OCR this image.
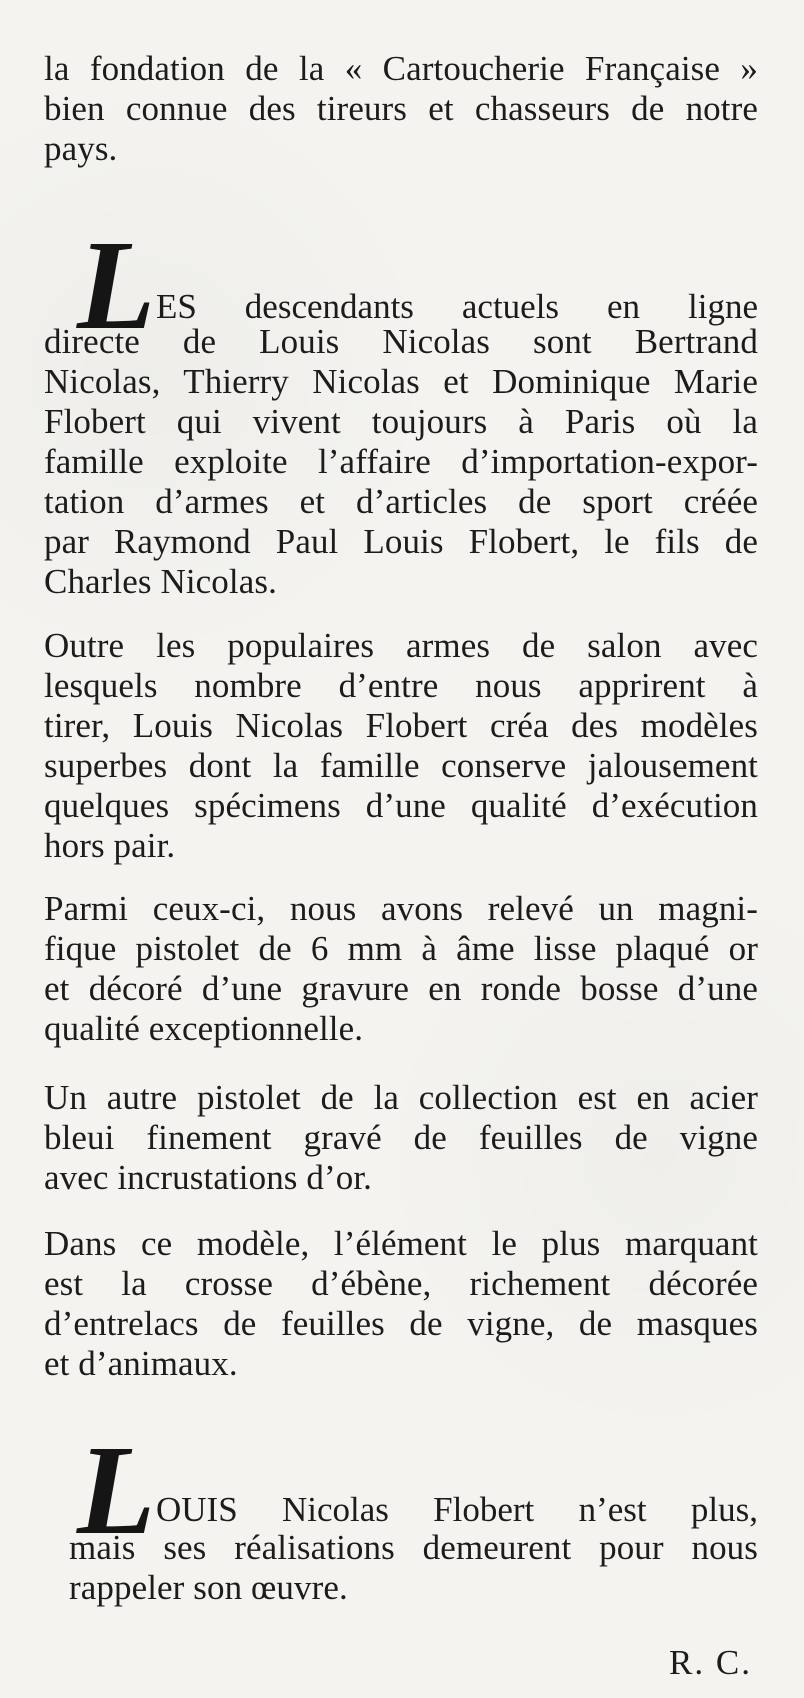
la fondation de la « Cartoucherie Française »
bien connue des tireurs et chasseurs de notre
pays.
L ES descendants actuels en ligne
directe de Louis Nicolas sont Bertrand
Nicolas, Thierry Nicolas et Dominique Marie
Flobert qui vivent toujours à Paris où la
famille exploite l’affaire d’importation-expor-
tation d’armes et d’articles de sport créée
par Raymond Paul Louis Flobert, le fils de
Charles Nicolas.
Outre les populaires armes de salon avec
lesquels nombre d’entre nous apprirent à
tirer, Louis Nicolas Flobert créa des modèles
superbes dont la famille conserve jalousement
quelques spécimens d’une qualité d’exécution
hors pair.
Parmi ceux-ci, nous avons relevé un magni-
fique pistolet de 6 mm à âme lisse plaqué or
et décoré d’une gravure en ronde bosse d’une
qualité exceptionnelle.
Un autre pistolet de la collection est en acier
bleui finement gravé de feuilles de vigne
avec incrustations d’or.
Dans ce modèle, l’élément le plus marquant
est la crosse d’ébène, richement décorée
d’entrelacs de feuilles de vigne, de masques
et d’animaux.
L OUIS Nicolas Flobert n’est plus,
mais ses réalisations demeurent pour nous
rappeler son œuvre.
R. C.
